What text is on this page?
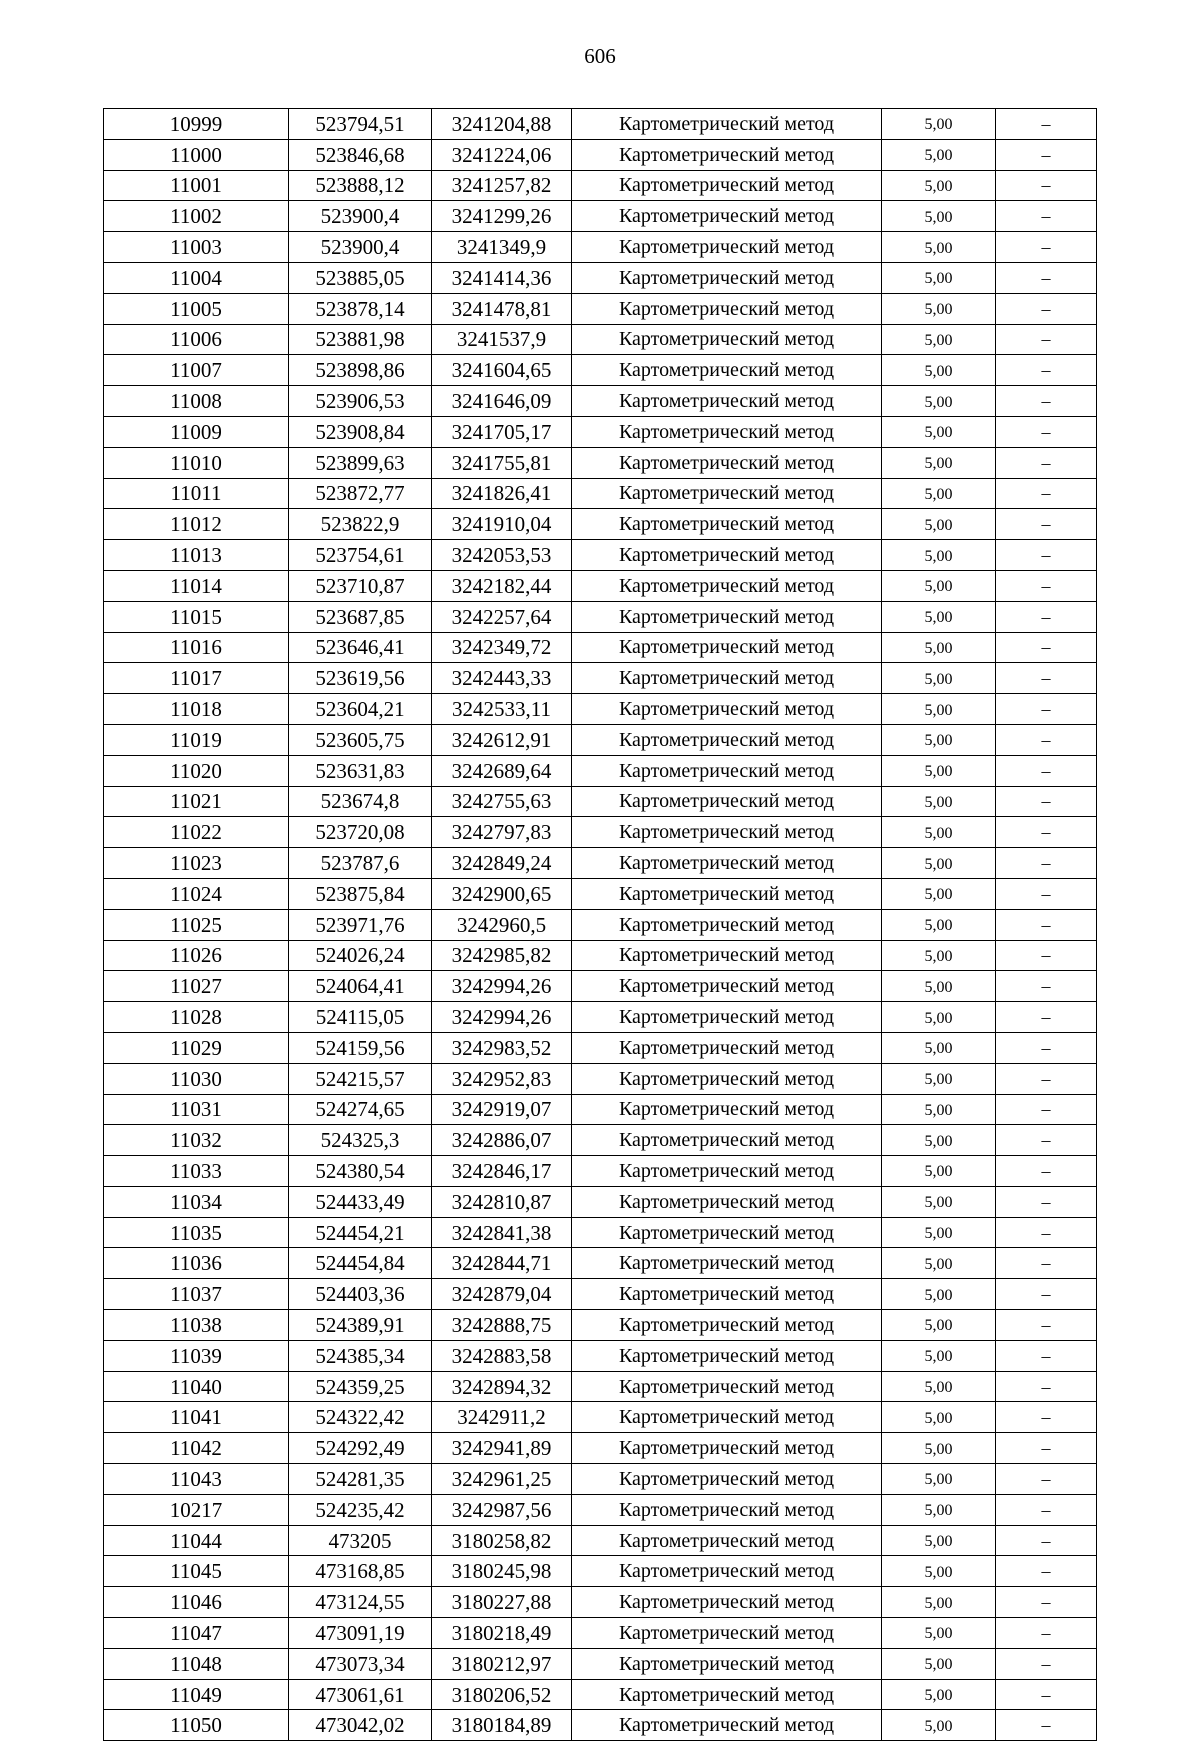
606
10999	523794,51	3241204,88	Картометрический метод	5,00	–
11000	523846,68	3241224,06	Картометрический метод	5,00	–
11001	523888,12	3241257,82	Картометрический метод	5,00	–
11002	523900,4	3241299,26	Картометрический метод	5,00	–
11003	523900,4	3241349,9	Картометрический метод	5,00	–
11004	523885,05	3241414,36	Картометрический метод	5,00	–
11005	523878,14	3241478,81	Картометрический метод	5,00	–
11006	523881,98	3241537,9	Картометрический метод	5,00	–
11007	523898,86	3241604,65	Картометрический метод	5,00	–
11008	523906,53	3241646,09	Картометрический метод	5,00	–
11009	523908,84	3241705,17	Картометрический метод	5,00	–
11010	523899,63	3241755,81	Картометрический метод	5,00	–
11011	523872,77	3241826,41	Картометрический метод	5,00	–
11012	523822,9	3241910,04	Картометрический метод	5,00	–
11013	523754,61	3242053,53	Картометрический метод	5,00	–
11014	523710,87	3242182,44	Картометрический метод	5,00	–
11015	523687,85	3242257,64	Картометрический метод	5,00	–
11016	523646,41	3242349,72	Картометрический метод	5,00	–
11017	523619,56	3242443,33	Картометрический метод	5,00	–
11018	523604,21	3242533,11	Картометрический метод	5,00	–
11019	523605,75	3242612,91	Картометрический метод	5,00	–
11020	523631,83	3242689,64	Картометрический метод	5,00	–
11021	523674,8	3242755,63	Картометрический метод	5,00	–
11022	523720,08	3242797,83	Картометрический метод	5,00	–
11023	523787,6	3242849,24	Картометрический метод	5,00	–
11024	523875,84	3242900,65	Картометрический метод	5,00	–
11025	523971,76	3242960,5	Картометрический метод	5,00	–
11026	524026,24	3242985,82	Картометрический метод	5,00	–
11027	524064,41	3242994,26	Картометрический метод	5,00	–
11028	524115,05	3242994,26	Картометрический метод	5,00	–
11029	524159,56	3242983,52	Картометрический метод	5,00	–
11030	524215,57	3242952,83	Картометрический метод	5,00	–
11031	524274,65	3242919,07	Картометрический метод	5,00	–
11032	524325,3	3242886,07	Картометрический метод	5,00	–
11033	524380,54	3242846,17	Картометрический метод	5,00	–
11034	524433,49	3242810,87	Картометрический метод	5,00	–
11035	524454,21	3242841,38	Картометрический метод	5,00	–
11036	524454,84	3242844,71	Картометрический метод	5,00	–
11037	524403,36	3242879,04	Картометрический метод	5,00	–
11038	524389,91	3242888,75	Картометрический метод	5,00	–
11039	524385,34	3242883,58	Картометрический метод	5,00	–
11040	524359,25	3242894,32	Картометрический метод	5,00	–
11041	524322,42	3242911,2	Картометрический метод	5,00	–
11042	524292,49	3242941,89	Картометрический метод	5,00	–
11043	524281,35	3242961,25	Картометрический метод	5,00	–
10217	524235,42	3242987,56	Картометрический метод	5,00	–
11044	473205	3180258,82	Картометрический метод	5,00	–
11045	473168,85	3180245,98	Картометрический метод	5,00	–
11046	473124,55	3180227,88	Картометрический метод	5,00	–
11047	473091,19	3180218,49	Картометрический метод	5,00	–
11048	473073,34	3180212,97	Картометрический метод	5,00	–
11049	473061,61	3180206,52	Картометрический метод	5,00	–
11050	473042,02	3180184,89	Картометрический метод	5,00	–
